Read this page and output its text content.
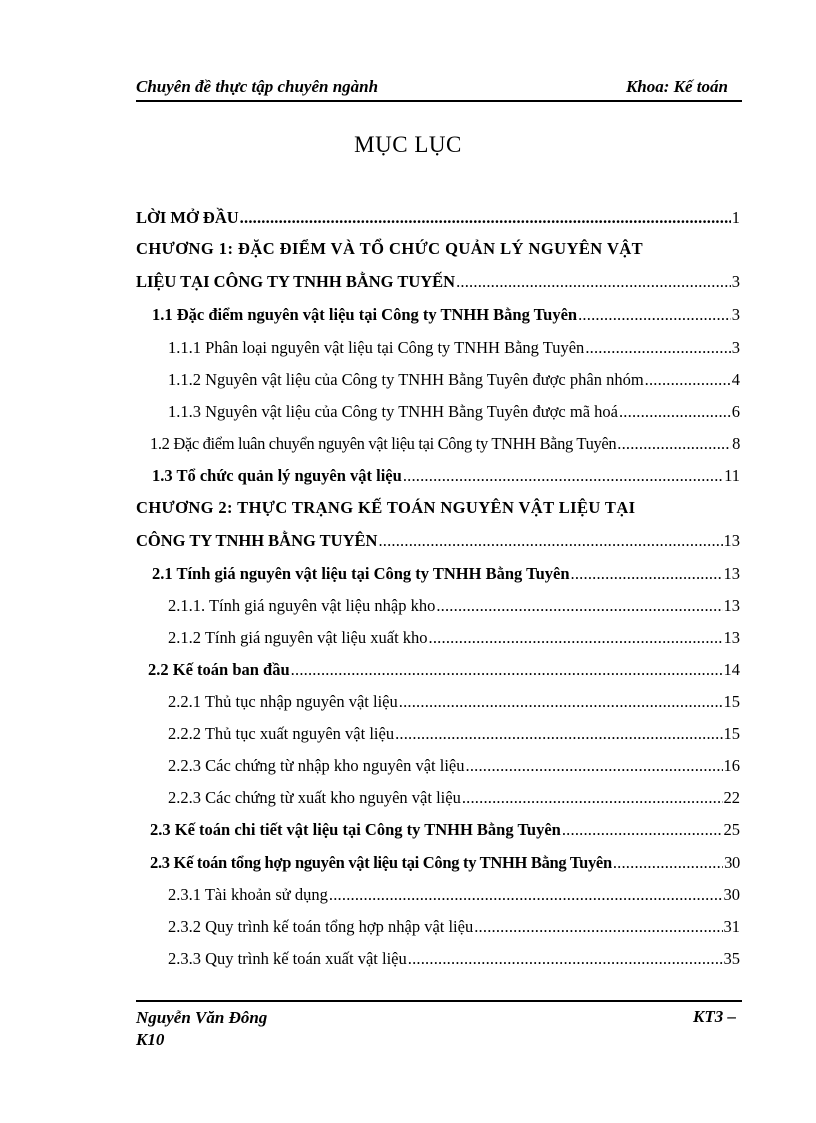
Chuyên đề thực tập chuyên ngành	Khoa: Kế toán
MỤC LỤC
LỜI MỞ ĐẦU .....	1
CHƯƠNG 1: ĐẶC ĐIỂM VÀ TỔ CHỨC QUẢN LÝ NGUYÊN VẬT
LIỆU TẠI CÔNG TY TNHH BẰNG TUYẾN .....	3
1.1 Đặc điểm nguyên vật liệu tại Công ty TNHH Bằng Tuyên .....	3
1.1.1 Phân loại nguyên vật liệu tại Công ty TNHH Bằng Tuyên .....	3
1.1.2 Nguyên vật liệu của Công ty TNHH Bằng Tuyên được phân nhóm .....	4
1.1.3 Nguyên vật liệu của Công ty TNHH Bằng Tuyên được mã hoá .....	6
1.2 Đặc điểm luân chuyển nguyên vật liệu tại Công ty TNHH Bằng Tuyên .....	8
1.3 Tổ chức quản lý nguyên vật liệu .....	11
CHƯƠNG 2: THỰC TRẠNG KẾ TOÁN NGUYÊN VẬT LIỆU TẠI
CÔNG TY TNHH BẰNG TUYÊN .....	13
2.1 Tính giá nguyên vật liệu tại Công ty TNHH Bằng Tuyên .....	13
2.1.1. Tính giá nguyên vật liệu nhập kho .....	13
2.1.2 Tính giá nguyên vật liệu xuất kho .....	13
2.2 Kế toán ban đầu .....	14
2.2.1 Thủ tục nhập nguyên vật liệu .....	15
2.2.2 Thủ tục xuất nguyên vật liệu .....	15
2.2.3 Các chứng từ nhập kho nguyên vật liệu .....	16
2.2.3 Các chứng từ xuất kho nguyên vật liệu .....	22
2.3 Kế toán chi tiết vật liệu tại Công ty TNHH Bằng Tuyên .....	25
2.3 Kế toán tổng hợp nguyên vật liệu tại Công ty TNHH Bằng Tuyên .....	30
2.3.1 Tài khoản sử dụng .....	30
2.3.2 Quy trình kế toán tổng hợp nhập vật liệu .....	31
2.3.3 Quy trình kế toán xuất vật liệu .....	35
Nguyễn Văn Đông
K10
KT3 –
